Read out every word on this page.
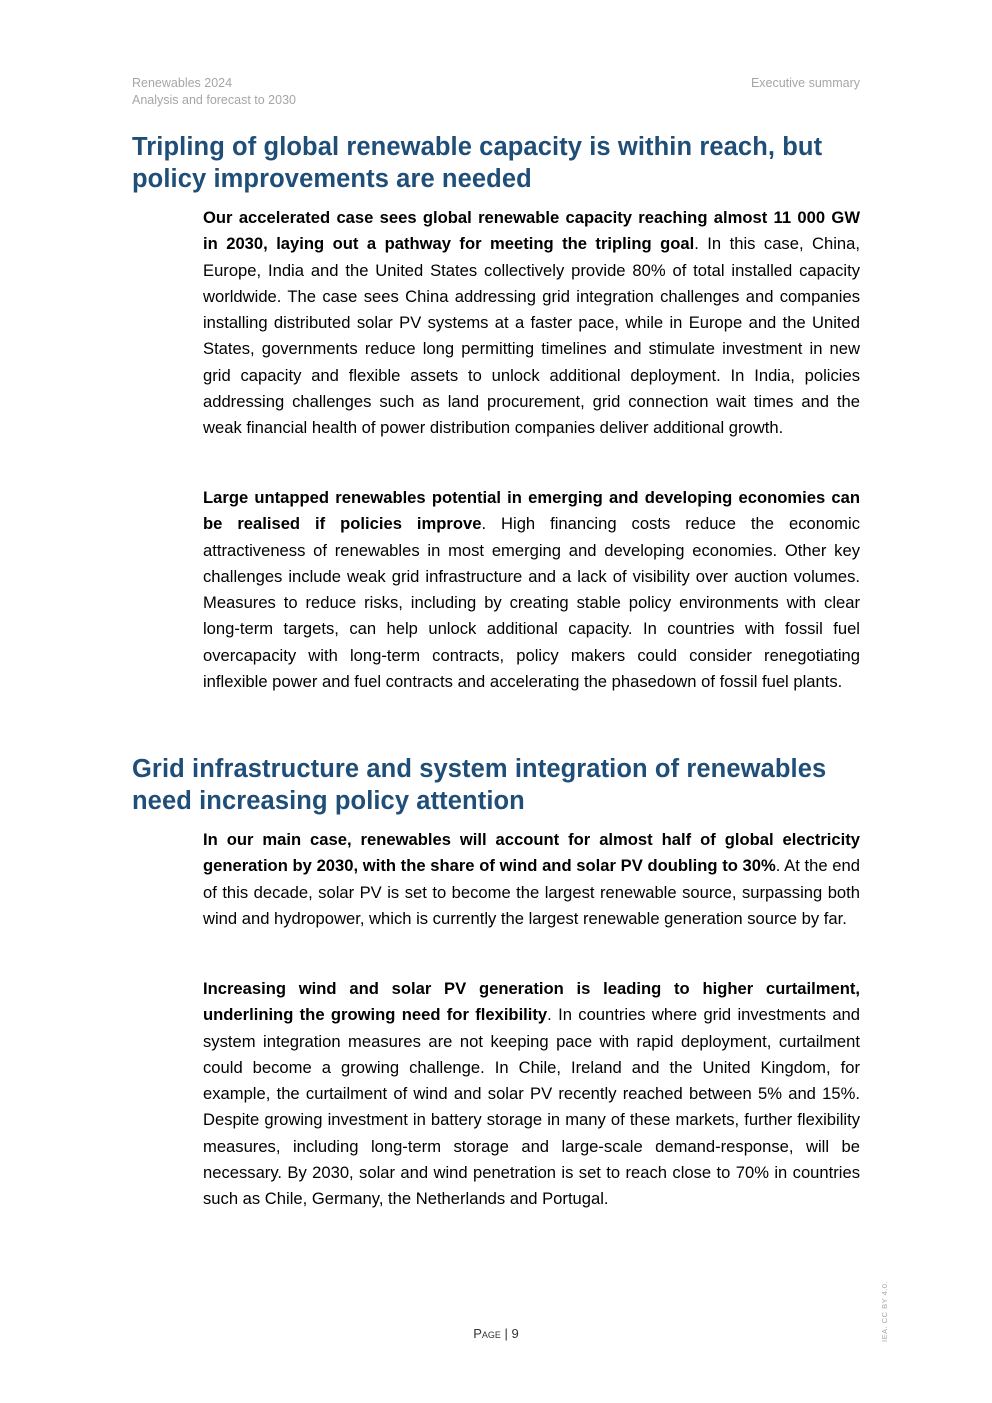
Renewables 2024
Analysis and forecast to 2030
Executive summary
Tripling of global renewable capacity is within reach, but policy improvements are needed

Our accelerated case sees global renewable capacity reaching almost 11 000 GW in 2030, laying out a pathway for meeting the tripling goal. In this case, China, Europe, India and the United States collectively provide 80% of total installed capacity worldwide. The case sees China addressing grid integration challenges and companies installing distributed solar PV systems at a faster pace, while in Europe and the United States, governments reduce long permitting timelines and stimulate investment in new grid capacity and flexible assets to unlock additional deployment. In India, policies addressing challenges such as land procurement, grid connection wait times and the weak financial health of power distribution companies deliver additional growth.

Large untapped renewables potential in emerging and developing economies can be realised if policies improve. High financing costs reduce the economic attractiveness of renewables in most emerging and developing economies. Other key challenges include weak grid infrastructure and a lack of visibility over auction volumes. Measures to reduce risks, including by creating stable policy environments with clear long-term targets, can help unlock additional capacity. In countries with fossil fuel overcapacity with long-term contracts, policy makers could consider renegotiating inflexible power and fuel contracts and accelerating the phasedown of fossil fuel plants.

Grid infrastructure and system integration of renewables need increasing policy attention

In our main case, renewables will account for almost half of global electricity generation by 2030, with the share of wind and solar PV doubling to 30%. At the end of this decade, solar PV is set to become the largest renewable source, surpassing both wind and hydropower, which is currently the largest renewable generation source by far.

Increasing wind and solar PV generation is leading to higher curtailment, underlining the growing need for flexibility. In countries where grid investments and system integration measures are not keeping pace with rapid deployment, curtailment could become a growing challenge. In Chile, Ireland and the United Kingdom, for example, the curtailment of wind and solar PV recently reached between 5% and 15%. Despite growing investment in battery storage in many of these markets, further flexibility measures, including long-term storage and large-scale demand-response, will be necessary. By 2030, solar and wind penetration is set to reach close to 70% in countries such as Chile, Germany, the Netherlands and Portugal.

IEA. CC BY 4.0.
Page | 9
